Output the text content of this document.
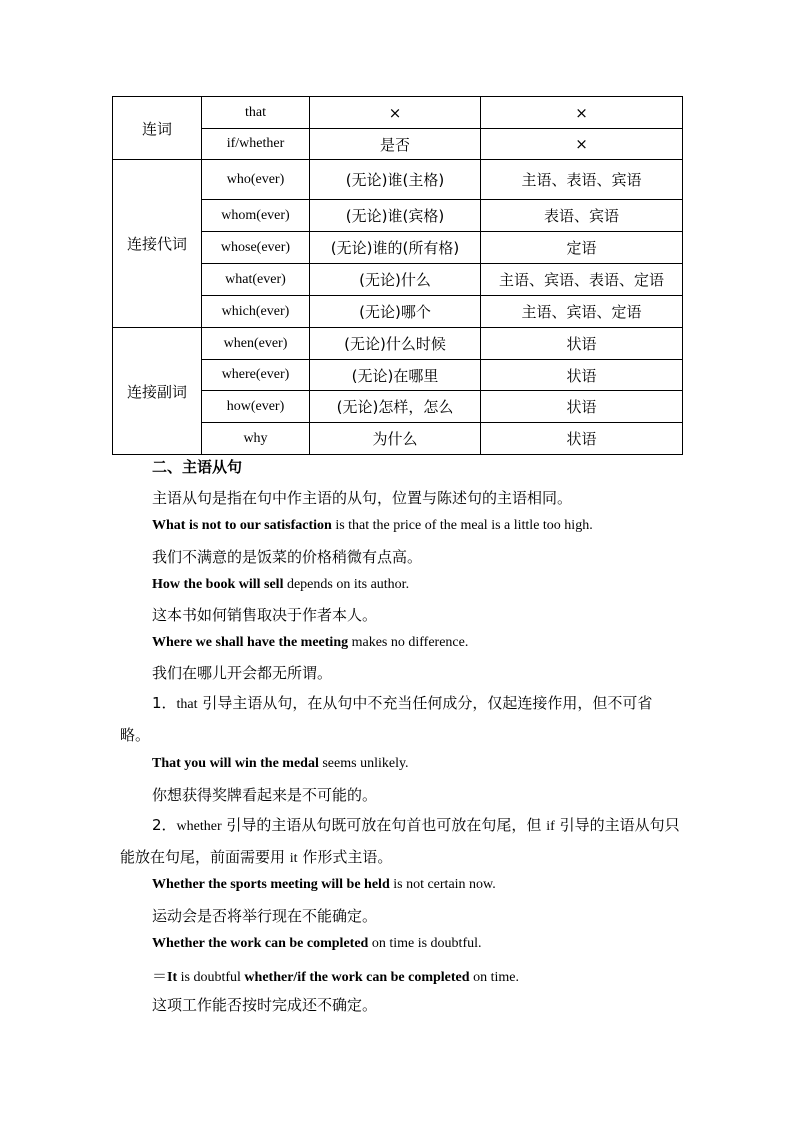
连词	that	×	×
	if/whether	是否	×
连接代词	who(ever)	(无论)谁(主格)	主语、表语、宾语
	whom(ever)	(无论)谁(宾格)	表语、宾语
	whose(ever)	(无论)谁的(所有格)	定语
	what(ever)	(无论)什么	主语、宾语、表语、定语
	which(ever)	(无论)哪个	主语、宾语、定语
连接副词	when(ever)	(无论)什么时候	状语
	where(ever)	(无论)在哪里	状语
	how(ever)	(无论)怎样，怎么	状语
	why	为什么	状语
二、主语从句
主语从句是指在句中作主语的从句，位置与陈述句的主语相同。
What is not to our satisfaction is that the price of the meal is a little too high.
我们不满意的是饭菜的价格稍微有点高。
How the book will sell depends on its author.
这本书如何销售取决于作者本人。
Where we shall have the meeting makes no difference.
我们在哪儿开会都无所谓。
1．that 引导主语从句，在从句中不充当任何成分，仅起连接作用，但不可省略。
That you will win the medal seems unlikely.
你想获得奖牌看起来是不可能的。
2．whether 引导的主语从句既可放在句首也可放在句尾，但 if 引导的主语从句只能放在句尾，前面需要用 it 作形式主语。
Whether the sports meeting will be held is not certain now.
运动会是否将举行现在不能确定。
Whether the work can be completed on time is doubtful.
＝It is doubtful whether/if the work can be completed on time.
这项工作能否按时完成还不确定。
